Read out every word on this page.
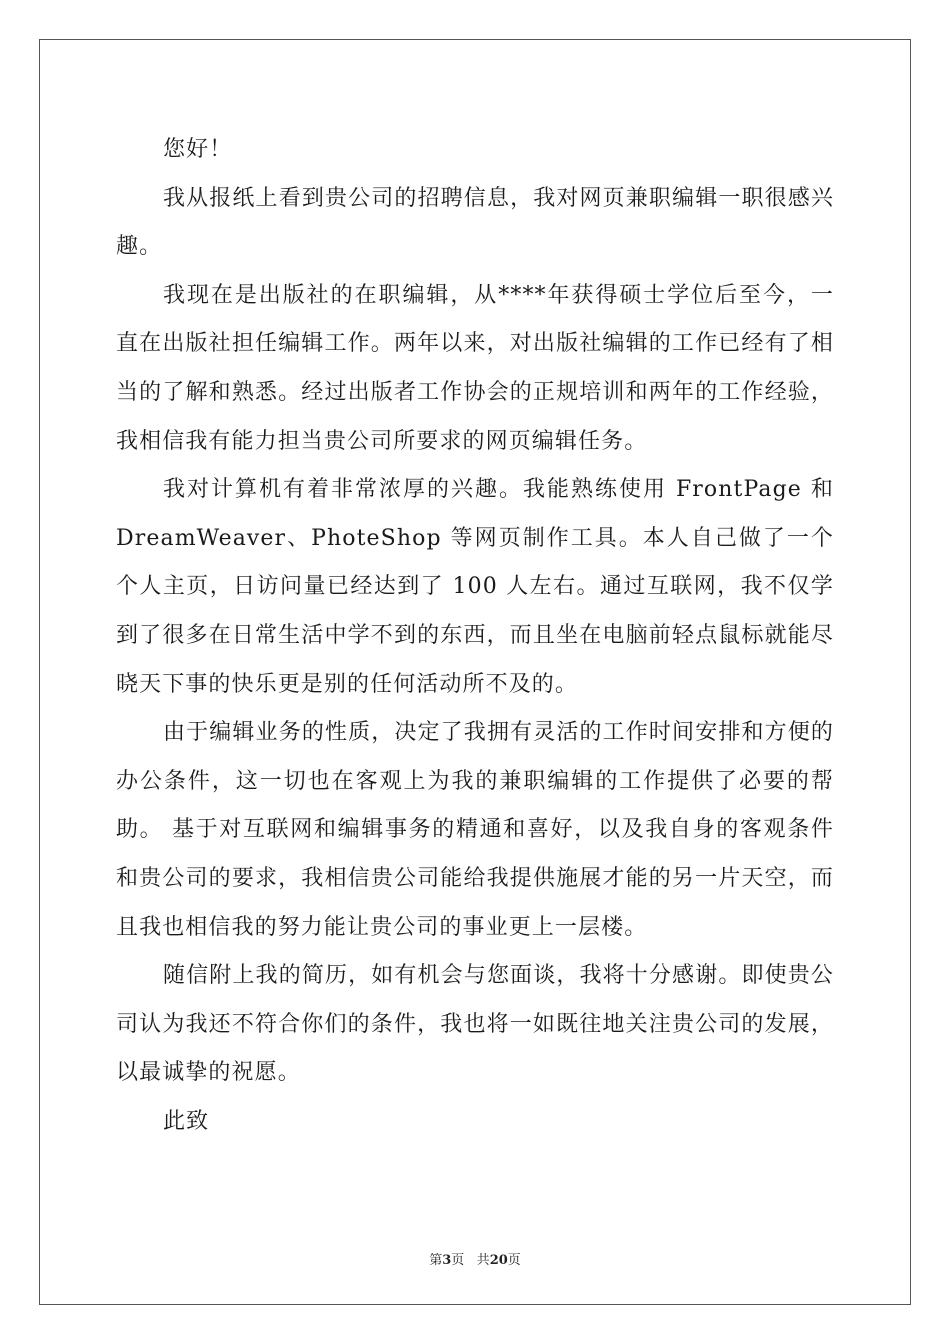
您好！

我从报纸上看到贵公司的招聘信息，我对网页兼职编辑一职很感兴趣。

我现在是出版社的在职编辑，从****年获得硕士学位后至今，一直在出版社担任编辑工作。两年以来，对出版社编辑的工作已经有了相当的了解和熟悉。经过出版者工作协会的正规培训和两年的工作经验，我相信我有能力担当贵公司所要求的网页编辑任务。

我对计算机有着非常浓厚的兴趣。我能熟练使用 FrontPage 和 DreamWeaver、PhoteShop 等网页制作工具。本人自己做了一个个人主页，日访问量已经达到了 100 人左右。通过互联网，我不仅学到了很多在日常生活中学不到的东西，而且坐在电脑前轻点鼠标就能尽晓天下事的快乐更是别的任何活动所不及的。

由于编辑业务的性质，决定了我拥有灵活的工作时间安排和方便的办公条件，这一切也在客观上为我的兼职编辑的工作提供了必要的帮助。 基于对互联网和编辑事务的精通和喜好，以及我自身的客观条件和贵公司的要求，我相信贵公司能给我提供施展才能的另一片天空，而且我也相信我的努力能让贵公司的事业更上一层楼。

随信附上我的简历，如有机会与您面谈，我将十分感谢。即使贵公司认为我还不符合你们的条件，我也将一如既往地关注贵公司的发展，以最诚挚的祝愿。

此致

第3页 共20页
